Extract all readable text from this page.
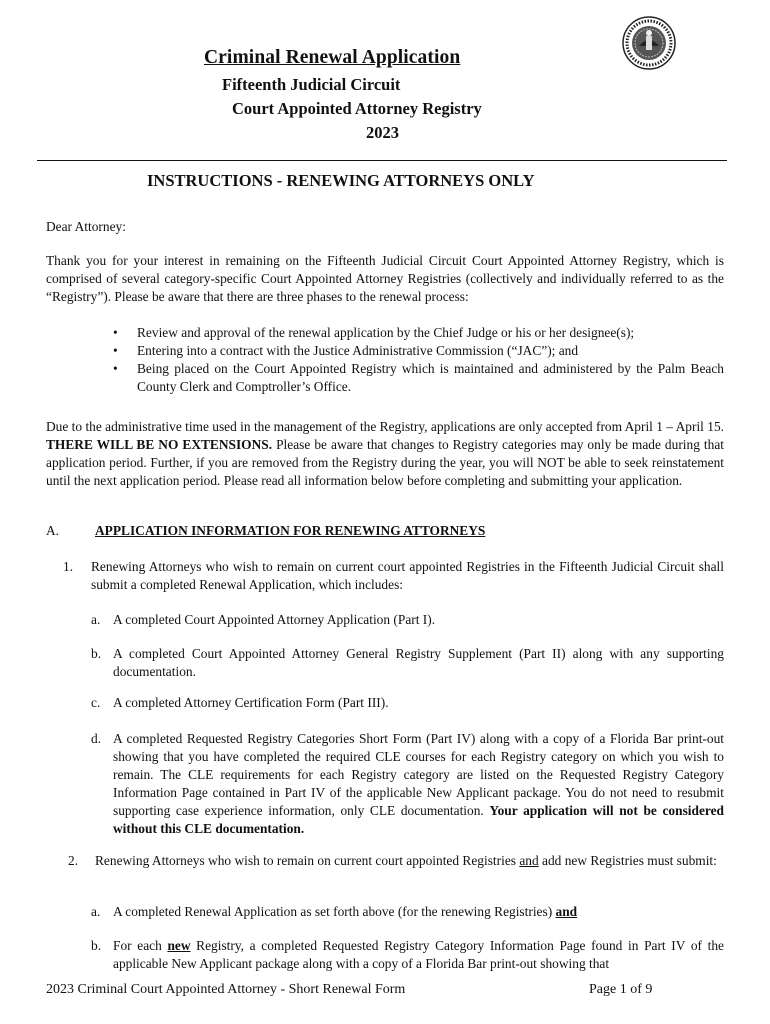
Criminal Renewal Application
Fifteenth Judicial Circuit
Court Appointed Attorney Registry
2023
INSTRUCTIONS - RENEWING ATTORNEYS ONLY
Dear Attorney:
Thank you for your interest in remaining on the Fifteenth Judicial Circuit Court Appointed Attorney Registry, which is comprised of several category-specific Court Appointed Attorney Registries (collectively and individually referred to as the “Registry”). Please be aware that there are three phases to the renewal process:
• Review and approval of the renewal application by the Chief Judge or his or her designee(s);
• Entering into a contract with the Justice Administrative Commission (“JAC”); and
• Being placed on the Court Appointed Registry which is maintained and administered by the Palm Beach County Clerk and Comptroller’s Office.
Due to the administrative time used in the management of the Registry, applications are only accepted from April 1 – April 15. THERE WILL BE NO EXTENSIONS. Please be aware that changes to Registry categories may only be made during that application period. Further, if you are removed from the Registry during the year, you will NOT be able to seek reinstatement until the next application period. Please read all information below before completing and submitting your application.
A.	APPLICATION INFORMATION FOR RENEWING ATTORNEYS
1. Renewing Attorneys who wish to remain on current court appointed Registries in the Fifteenth Judicial Circuit shall submit a completed Renewal Application, which includes:
a. A completed Court Appointed Attorney Application (Part I).
b. A completed Court Appointed Attorney General Registry Supplement (Part II) along with any supporting documentation.
c. A completed Attorney Certification Form (Part III).
d. A completed Requested Registry Categories Short Form (Part IV) along with a copy of a Florida Bar print-out showing that you have completed the required CLE courses for each Registry category on which you wish to remain. The CLE requirements for each Registry category are listed on the Requested Registry Category Information Page contained in Part IV of the applicable New Applicant package. You do not need to resubmit supporting case experience information, only CLE documentation. Your application will not be considered without this CLE documentation.
2. Renewing Attorneys who wish to remain on current court appointed Registries and add new Registries must submit:
a. A completed Renewal Application as set forth above (for the renewing Registries) and
b. For each new Registry, a completed Requested Registry Category Information Page found in Part IV of the applicable New Applicant package along with a copy of a Florida Bar print-out showing that
2023 Criminal Court Appointed Attorney - Short Renewal Form	Page 1 of 9
